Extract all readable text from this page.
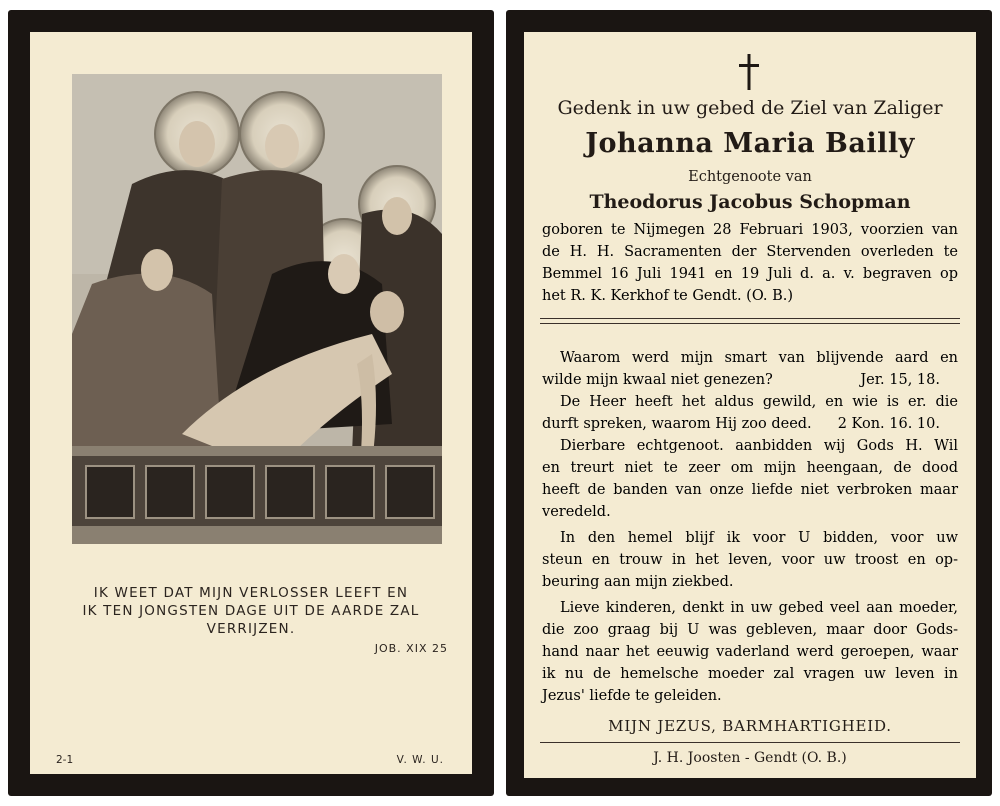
IK WEET DAT MIJN VERLOSSER LEEFT EN
IK TEN JONGSTEN DAGE UIT DE AARDE ZAL
VERRIJZEN.
JOB. XIX 25
2-1	V. W. U.
Gedenk in uw gebed de Ziel van Zaliger
Johanna Maria Bailly
Echtgenoote van
Theodorus Jacobus Schopman
goboren te Nijmegen 28 Februari 1903, voorzien van
de H. H. Sacramenten der Stervenden overleden te
Bemmel 16 Juli 1941 en 19 Juli d. a. v. begraven op
het R. K. Kerkhof te Gendt. (O. B.)
Waarom werd mijn smart van blijvende aard en
wilde mijn kwaal niet genezen?	Jer. 15, 18.
De Heer heeft het aldus gewild, en wie is er. die
durft spreken, waarom Hij zoo deed. 2 Kon. 16. 10.
Dierbare echtgenoot. aanbidden wij Gods H. Wil
en treurt niet te zeer om mijn heengaan, de dood
heeft de banden van onze liefde niet verbroken maar
veredeld.
In den hemel blijf ik voor U bidden, voor uw
steun en trouw in het leven, voor uw troost en op-
beuring aan mijn ziekbed.
Lieve kinderen, denkt in uw gebed veel aan moeder,
die zoo graag bij U was gebleven, maar door Gods-
hand naar het eeuwig vaderland werd geroepen, waar
ik nu de hemelsche moeder zal vragen uw leven in
Jezus' liefde te geleiden.
MIJN JEZUS, BARMHARTIGHEID.
J. H. Joosten - Gendt (O. B.)
